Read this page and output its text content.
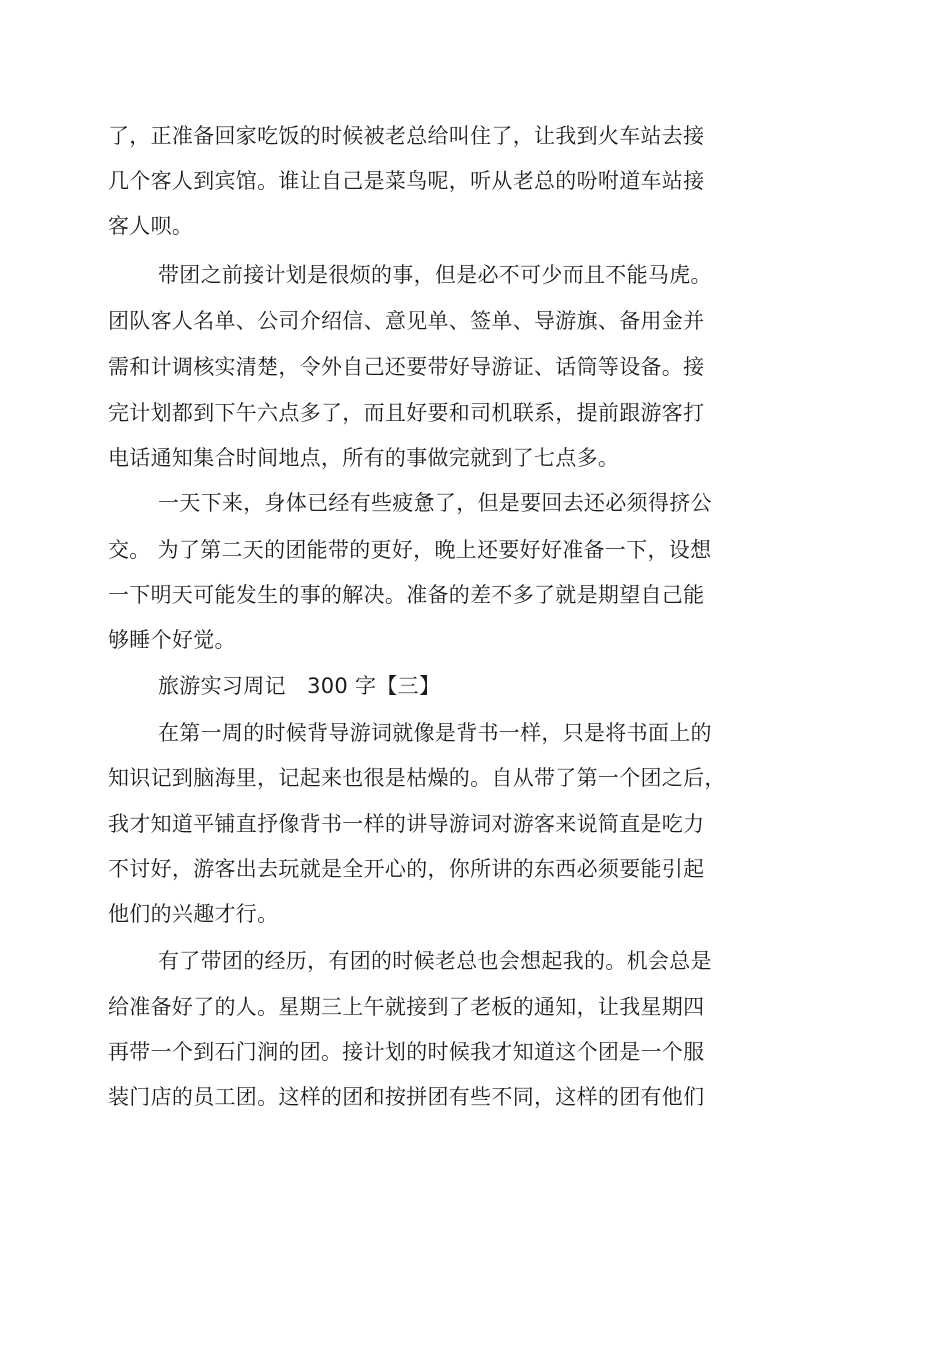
了，正准备回家吃饭的时候被老总给叫住了，让我到火车站去接
几个客人到宾馆。谁让自己是菜鸟呢，听从老总的吩咐道车站接
客人呗。
带团之前接计划是很烦的事，但是必不可少而且不能马虎。
团队客人名单、公司介绍信、意见单、签单、导游旗、备用金并
需和计调核实清楚，令外自己还要带好导游证、话筒等设备。接
完计划都到下午六点多了，而且好要和司机联系，提前跟游客打
电话通知集合时间地点，所有的事做完就到了七点多。
一天下来，身体已经有些疲惫了，但是要回去还必须得挤公
交。 为了第二天的团能带的更好，晚上还要好好准备一下，设想
一下明天可能发生的事的解决。准备的差不多了就是期望自己能
够睡个好觉。
旅游实习周记　300 字【三】
在第一周的时候背导游词就像是背书一样，只是将书面上的
知识记到脑海里，记起来也很是枯燥的。自从带了第一个团之后，
我才知道平铺直抒像背书一样的讲导游词对游客来说简直是吃力
不讨好，游客出去玩就是全开心的，你所讲的东西必须要能引起
他们的兴趣才行。
有了带团的经历，有团的时候老总也会想起我的。机会总是
给准备好了的人。星期三上午就接到了老板的通知，让我星期四
再带一个到石门涧的团。接计划的时候我才知道这个团是一个服
装门店的员工团。这样的团和按拼团有些不同，这样的团有他们
